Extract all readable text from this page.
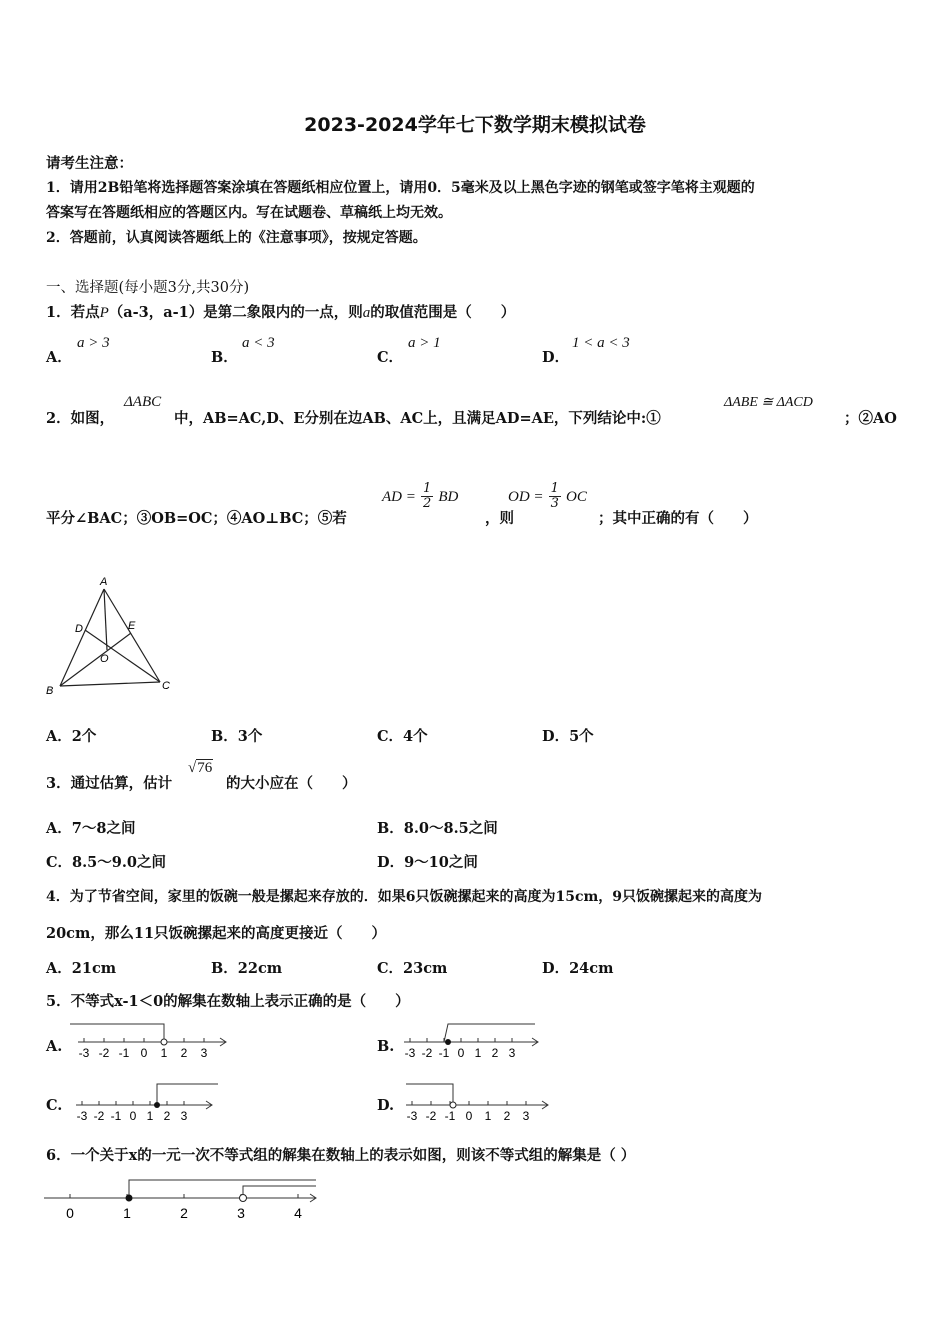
2023-2024学年七下数学期末模拟试卷
请考生注意：
1．请用2B铅笔将选择题答案涂填在答题纸相应位置上，请用0．5毫米及以上黑色字迹的钢笔或签字笔将主观题的
答案写在答题纸相应的答题区内。写在试题卷、草稿纸上均无效。
2．答题前，认真阅读答题纸上的《注意事项》，按规定答题。
一、选择题(每小题3分,共30分)
1．若点P（a-3，a-1）是第二象限内的一点，则a的取值范围是（　　）
A．
a > 3
B．
a < 3
C．
a > 1
D．
1 < a < 3
2．如图，
ΔABC
中，AB=AC,D、E分别在边AB、AC上，且满足AD=AE，下列结论中:①
ΔABE ≅ ΔACD
；②AO
平分∠BAC；③OB=OC；④AO⊥BC；⑤若
AD = $\frac{1}{2}$ BD
，则
OD = $\frac{1}{3}$ OC
；其中正确的有（　　）
A
B	C
D	E
O
A．2个	B．3个	C．4个	D．5个
3．通过估算，估计
√76
的大小应在（　　）
A．7～8之间	B．8.0～8.5之间
C．8.5～9.0之间	D．9～10之间
4．为了节省空间，家里的饭碗一般是摞起来存放的．如果6只饭碗摞起来的高度为15cm，9只饭碗摞起来的高度为
20cm，那么11只饭碗摞起来的高度更接近（　　）
A．21cm	B．22cm	C．23cm	D．24cm
5．不等式x-1＜0的解集在数轴上表示正确的是（　　）
A. -3 -2 -1 0 1 2 3	B. -3 -2 -1 0 1 2 3
C.
-3 -2 -1 0 1 2 3
D.
-3 -2 -1 0 1 2 3
6．一个关于x的一元一次不等式组的解集在数轴上的表示如图，则该不等式组的解集是（ ）
0	1	2	3	4
